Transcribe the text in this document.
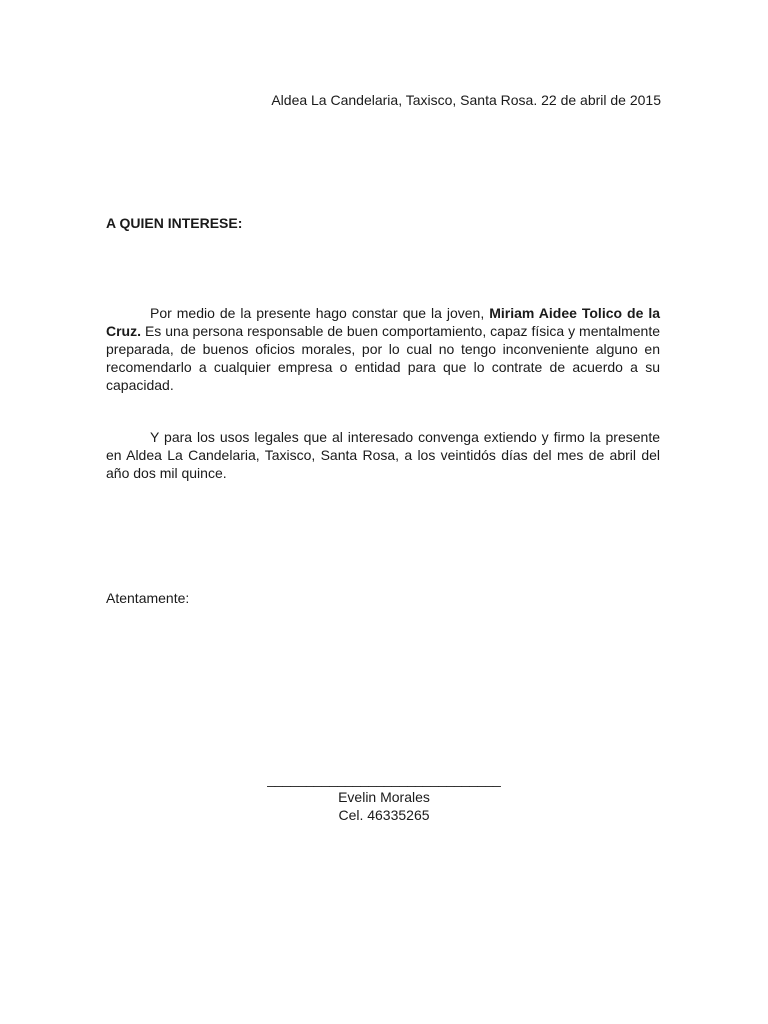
Aldea La Candelaria, Taxisco, Santa Rosa. 22 de abril de 2015
A QUIEN INTERESE:
Por medio de la presente hago constar que la joven, Miriam Aidee Tolico de la Cruz. Es una persona responsable de buen comportamiento, capaz física y mentalmente preparada, de buenos oficios morales, por lo cual no tengo inconveniente alguno en recomendarlo a cualquier empresa o entidad para que lo contrate de acuerdo a su capacidad.
Y para los usos legales que al interesado convenga extiendo y firmo la presente en Aldea La Candelaria, Taxisco, Santa Rosa, a los veintidós días del mes de abril del año dos mil quince.
Atentamente:
______________________________
Evelin Morales
Cel. 46335265
